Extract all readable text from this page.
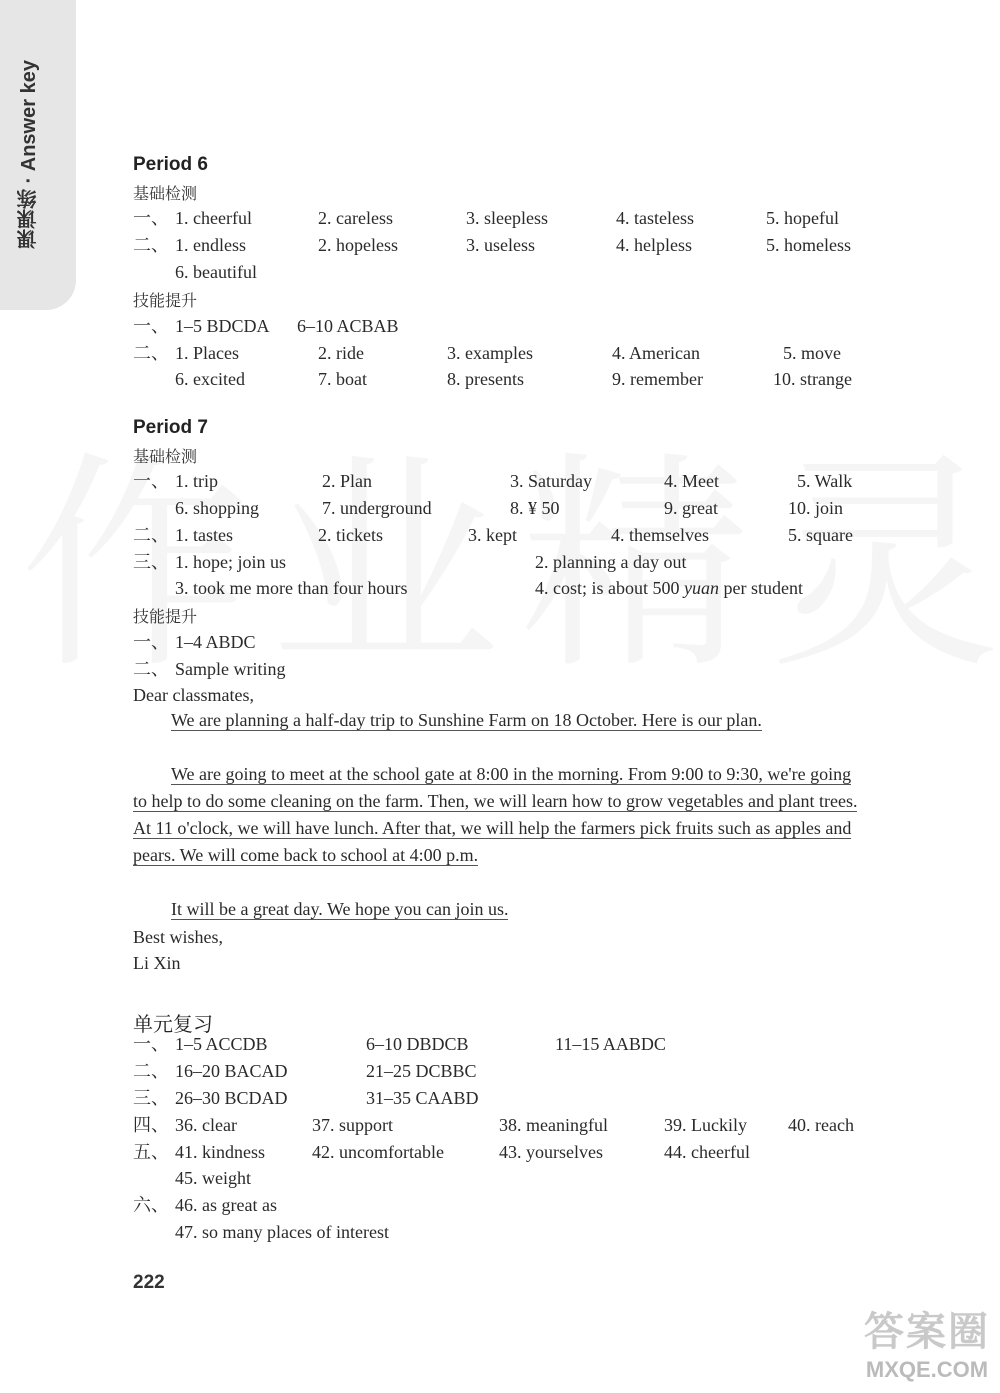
课课练 · Answer key	Period 6
基础检测
一、 1. cheerful	2. careless	3. sleepless	4. tasteless	5. hopeful
二、 1. endless	2. hopeless	3. useless	4. helpless	5. homeless
6. beautiful
技能提升
一、 1–5 BDCDA 6–10 ACBAB
二、 1. Places	2. ride	3. examples	4. American	5. move
6. excited	7. boat	8. presents	9. remember	10. strange
Period 7
基础检测
一、 1. trip	2. Plan	3. Saturday	4. Meet	5. Walk
6. shopping	7. underground	8. ¥ 50	9. great	10. join
二、 1. tastes	2. tickets	3. kept	4. themselves	5. square
三、 1. hope; join us	2. planning a day out
3. took me more than four hours	4. cost; is about 500 yuan per student
技能提升
一、 1–4 ABDC
二、 Sample writing
Dear classmates,
We are planning a half-day trip to Sunshine Farm on 18 October. Here is our plan.
We are going to meet at the school gate at 8:00 in the morning. From 9:00 to 9:30, we're going to help to do some cleaning on the farm. Then, we will learn how to grow vegetables and plant trees. At 11 o'clock, we will have lunch. After that, we will help the farmers pick fruits such as apples and pears. We will come back to school at 4:00 p.m.
It will be a great day. We hope you can join us.
Best wishes,
Li Xin
单元复习
一、 1–5 ACCDB	6–10 DBDCB	11–15 AABDC
二、 16–20 BACAD	21–25 DCBBC
三、 26–30 BCDAD	31–35 CAABD
四、 36. clear	37. support	38. meaningful	39. Luckily 40. reach
五、 41. kindness	42. uncomfortable	43. yourselves	44. cheerful
45. weight
六、 46. as great as
47. so many places of interest
222
答案圈
MXQE.COM
